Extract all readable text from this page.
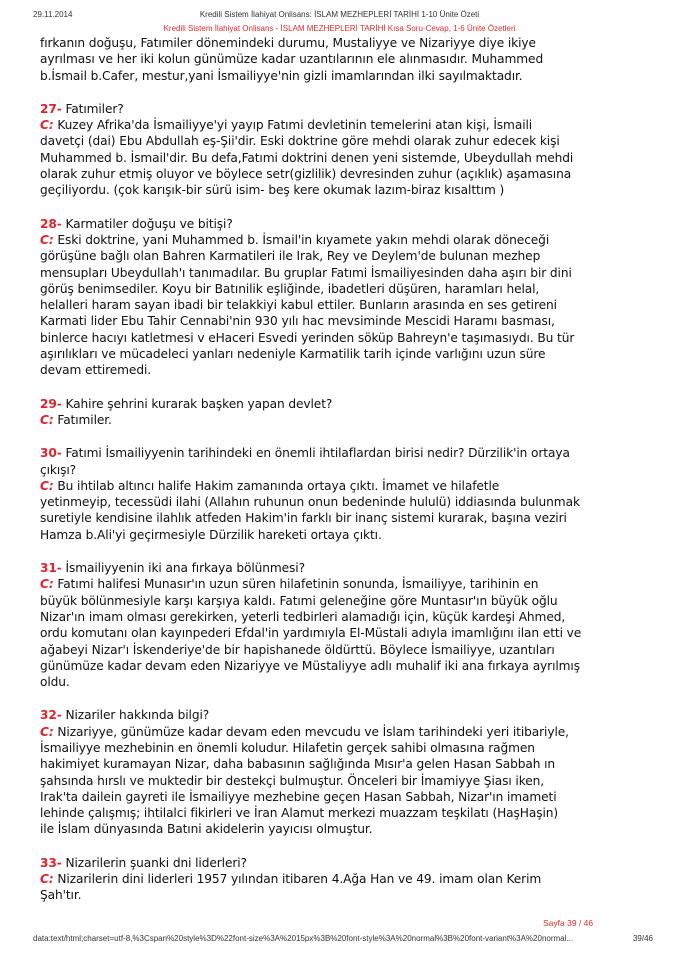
29.11.2014	Kredili Sistem İlahiyat Onlisans: İSLAM MEZHEPLERİ TARİHİ 1-10 Ünite Özeti
Kredili Sistem İlahiyat Onlisans - İSLAM MEZHEPLERİ TARİHİ Kısa Soru-Cevap, 1-6 Ünite Özetleri

fırkanın doğuşu, Fatımiler dönemindeki durumu, Mustaliyye ve Nizariyye diye ikiye

ayrılması ve her iki kolun günümüze kadar uzantılarının ele alınmasıdır. Muhammed

b.İsmail b.Cafer, mestur,yani İsmailiyye'nin gizli imamlarından ilki sayılmaktadır.

27- Fatımiler?

C: Kuzey Afrika'da İsmailiyye'yi yayıp Fatımi devletinin temelerini atan kişi, İsmaili

davetçi (dai) Ebu Abdullah eş-Şii'dir. Eski doktrine göre mehdi olarak zuhur edecek kişi

Muhammed b. İsmail'dir. Bu defa,Fatımi doktrini denen yeni sistemde, Ubeydullah mehdi

olarak zuhur etmiş oluyor ve böylece setr(gizlilik) devresinden zuhur (açıklık) aşamasına

geçiliyordu. (çok karışık-bir sürü isim- beş kere okumak lazım-biraz kısalttım )

28- Karmatiler doğuşu ve bitişi?

C: Eski doktrine, yani Muhammed b. İsmail'in kıyamete yakın mehdi olarak döneceği

görüşüne bağlı olan Bahren Karmatileri ile Irak, Rey ve Deylem'de bulunan mezhep

mensupları Ubeydullah'ı tanımadılar. Bu gruplar Fatımi İsmailiyesinden daha aşırı bir dini

görüş benimsediler. Koyu bir Batınilik eşliğinde, ibadetleri düşüren, haramları helal,

helalleri haram sayan ibadi bir telakkiyi kabul ettiler. Bunların arasında en ses getireni

Karmati lider Ebu Tahir Cennabi'nin 930 yılı hac mevsiminde Mescidi Haramı basması,

binlerce hacıyı katletmesi v eHaceri Esvedi yerinden söküp Bahreyn'e taşımasıydı. Bu tür

aşırılıkları ve mücadeleci yanları nedeniyle Karmatilik tarih içinde varlığını uzun süre

devam ettiremedi.

29- Kahire şehrini kurarak başken yapan devlet?

C: Fatımiler.

30- Fatımi İsmailiyyenin tarihindeki en önemli ihtilaflardan birisi nedir? Dürzilik'in ortaya

çıkışı?

C: Bu ihtilab altıncı halife Hakim zamanında ortaya çıktı. İmamet ve hilafetle

yetinmeyip, tecessüdi ilahi (Allahın ruhunun onun bedeninde hululü) iddiasında bulunmak

suretiyle kendisine ilahlık atfeden Hakim'in farklı bir inanç sistemi kurarak, başına veziri

Hamza b.Ali'yi geçirmesiyle Dürzilik hareketi ortaya çıktı.

31- İsmailiyyenin iki ana fırkaya bölünmesi?

C: Fatımi halifesi Munasır'ın uzun süren hilafetinin sonunda, İsmailiyye, tarihinin en

büyük bölünmesiyle karşı karşıya kaldı. Fatımi geleneğine göre Muntasır'ın büyük oğlu

Nizar'ın imam olması gerekirken, yeterli tedbirleri alamadığı için, küçük kardeşi Ahmed,

ordu komutanı olan kayınpederi Efdal'in yardımıyla El-Müstali adıyla imamlığını ilan etti ve

ağabeyi Nizar'ı İskenderiye'de bir hapishanede öldürttü. Böylece İsmailiyye, uzantıları

günümüze kadar devam eden Nizariyye ve Müstaliyye adlı muhalif iki ana fırkaya ayrılmış

oldu.

32- Nizariler hakkında bilgi?

C: Nizariyye, günümüze kadar devam eden mevcudu ve İslam tarihindeki yeri itibariyle,

İsmailiyye mezhebinin en önemli koludur. Hilafetin gerçek sahibi olmasına rağmen

hakimiyet kuramayan Nizar, daha babasının sağlığında Mısır'a gelen Hasan Sabbah ın

şahsında hırslı ve muktedir bir destekçi bulmuştur. Önceleri bir İmamiyye Şiası iken,

Irak'ta dailein gayreti ile İsmailiyye mezhebine geçen Hasan Sabbah, Nizar'ın imameti

lehinde çalışmış; ihtilalci fikirleri ve İran Alamut merkezi muazzam teşkilatı (HaşHaşin)

ile İslam dünyasında Batıni akidelerin yayıcısı olmuştur.

33- Nizarilerin şuanki dni liderleri?

C: Nizarilerin dini liderleri 1957 yılından itibaren 4.Ağa Han ve 49. imam olan Kerim

Şah'tır.

Sayfa 39 / 46
data:text/html;charset=utf-8,%3Cspan%20style%3D%22font-size%3A%2015px%3B%20font-style%3A%20normal%3B%20font-variant%3A%20normal...	39/46
